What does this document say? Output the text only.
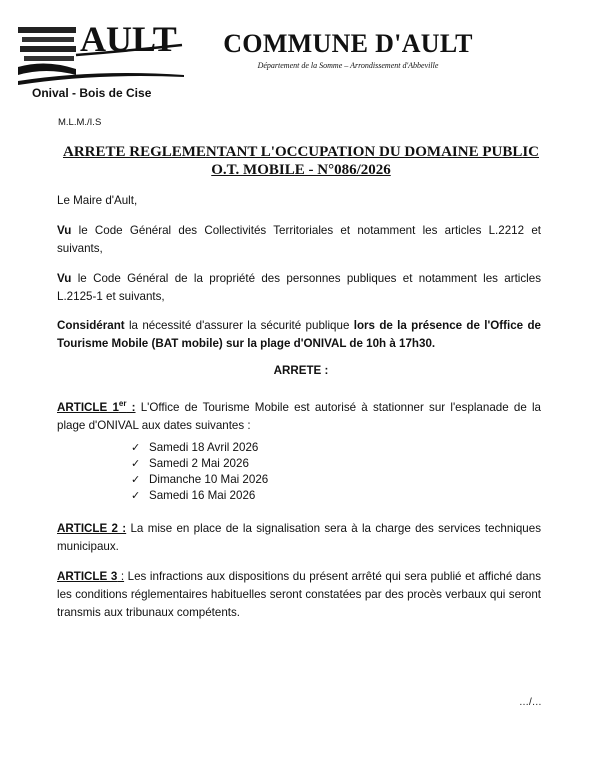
AULT
Onival - Bois de Cise
COMMUNE D'AULT
Département de la Somme – Arrondissement d'Abbeville
M.L.M./I.S
ARRETE REGLEMENTANT L'OCCUPATION DU DOMAINE PUBLIC
O.T. MOBILE - N°086/2026
Le Maire d'Ault,
Vu le Code Général des Collectivités Territoriales et notamment les articles L.2212 et suivants,
Vu le Code Général de la propriété des personnes publiques et notamment les articles L.2125-1 et suivants,
Considérant la nécessité d'assurer la sécurité publique lors de la présence de l'Office de Tourisme Mobile (BAT mobile) sur la plage d'ONIVAL de 10h à 17h30.
ARRETE :
ARTICLE 1er : L'Office de Tourisme Mobile est autorisé à stationner sur l'esplanade de la plage d'ONIVAL aux dates suivantes :
✓ Samedi 18 Avril 2026
✓ Samedi 2 Mai 2026
✓ Dimanche 10 Mai 2026
✓ Samedi 16 Mai 2026
ARTICLE 2 : La mise en place de la signalisation sera à la charge des services techniques municipaux.
ARTICLE 3 : Les infractions aux dispositions du présent arrêté qui sera publié et affiché dans les conditions réglementaires habituelles seront constatées par des procès verbaux qui seront transmis aux tribunaux compétents.
…/…
